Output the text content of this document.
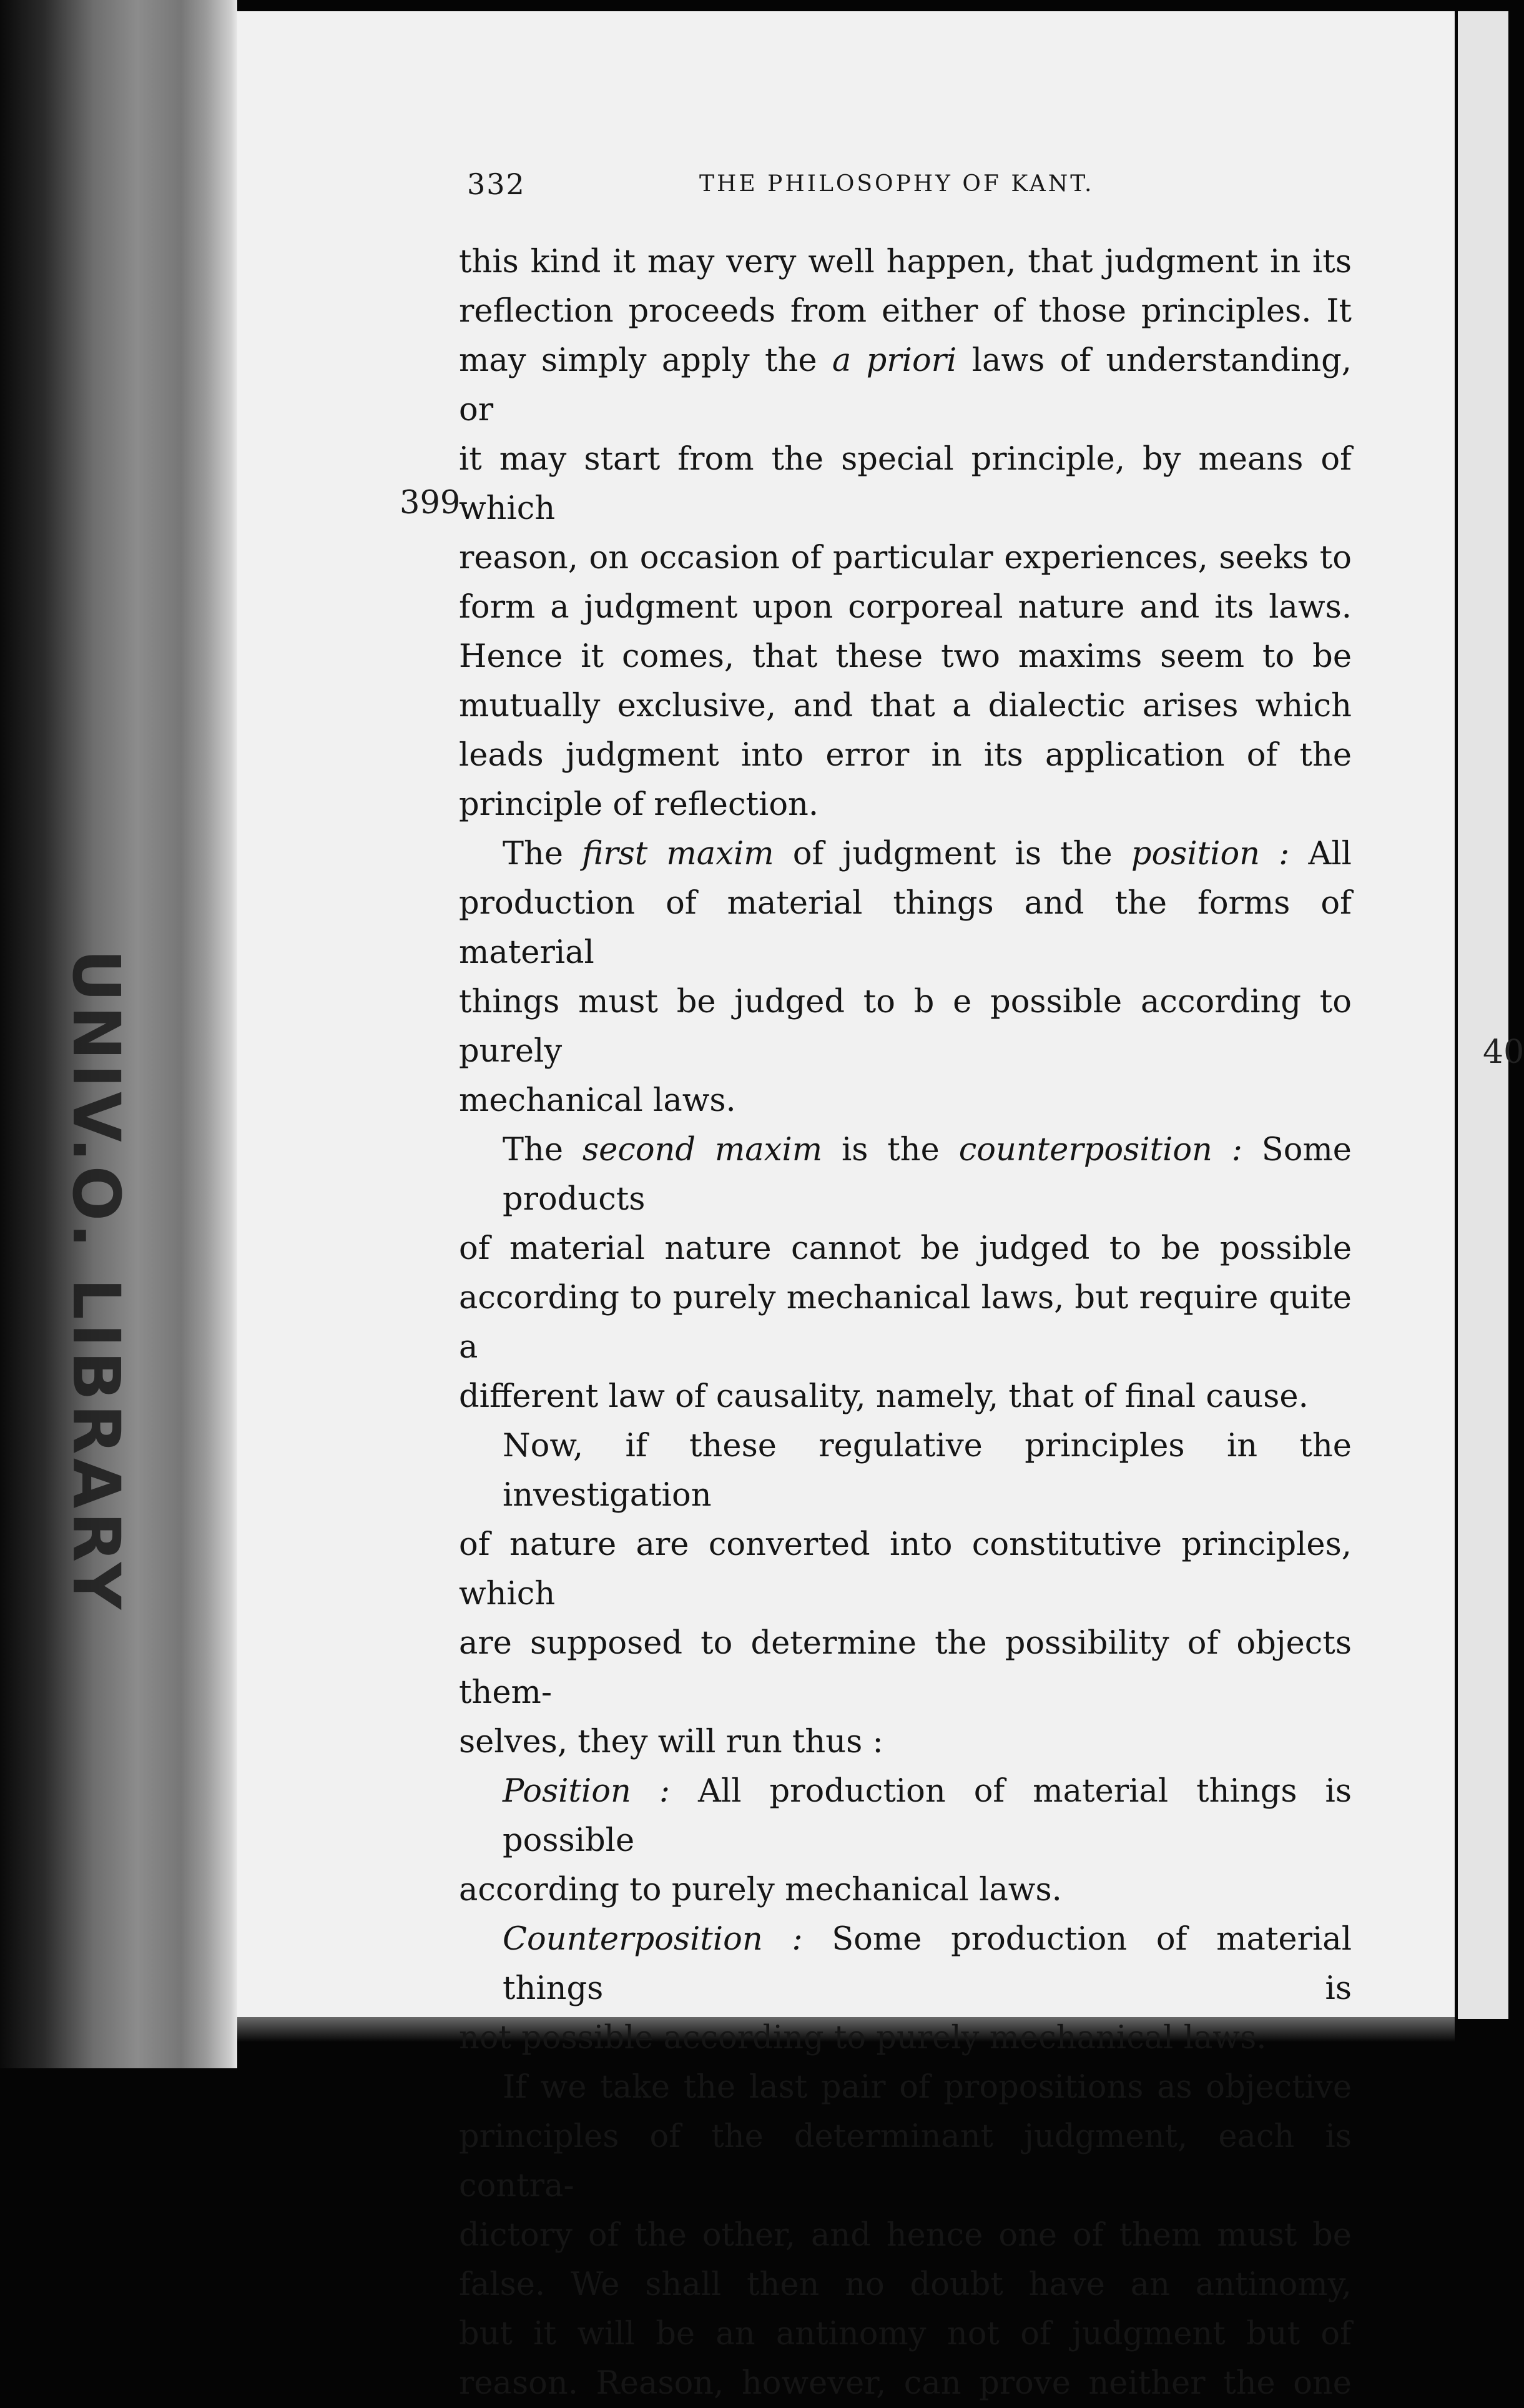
UNIV.O. LIBRARY	40
332	THE PHILOSOPHY OF KANT.
399
this kind it may very well happen, that judgment in its
reflection proceeds from either of those principles. It
may simply apply the a priori laws of understanding, or
it may start from the special principle, by means of which
reason, on occasion of particular experiences, seeks to
form a judgment upon corporeal nature and its laws.
Hence it comes, that these two maxims seem to be
mutually exclusive, and that a dialectic arises which
leads judgment into error in its application of the
principle of reflection.
The first maxim of judgment is the position : All
production of material things and the forms of material
things must be judged to b e possible according to purely
mechanical laws.
The second maxim is the counterposition : Some products
of material nature cannot be judged to be possible
according to purely mechanical laws, but require quite a
different law of causality, namely, that of final cause.
Now, if these regulative principles in the investigation
of nature are converted into constitutive principles, which
are supposed to determine the possibility of objects them-
selves, they will run thus :
Position : All production of material things is possible
according to purely mechanical laws.
Counterposition : Some production of material things is
not possible according to purely mechanical laws.
If we take the last pair of propositions as objective
principles of the determinant judgment, each is contra-
dictory of the other, and hence one of them must be
false. We shall then no doubt have an antinomy,
but it will be an antinomy not of judgment but of
reason. Reason, however, can prove neither the one
